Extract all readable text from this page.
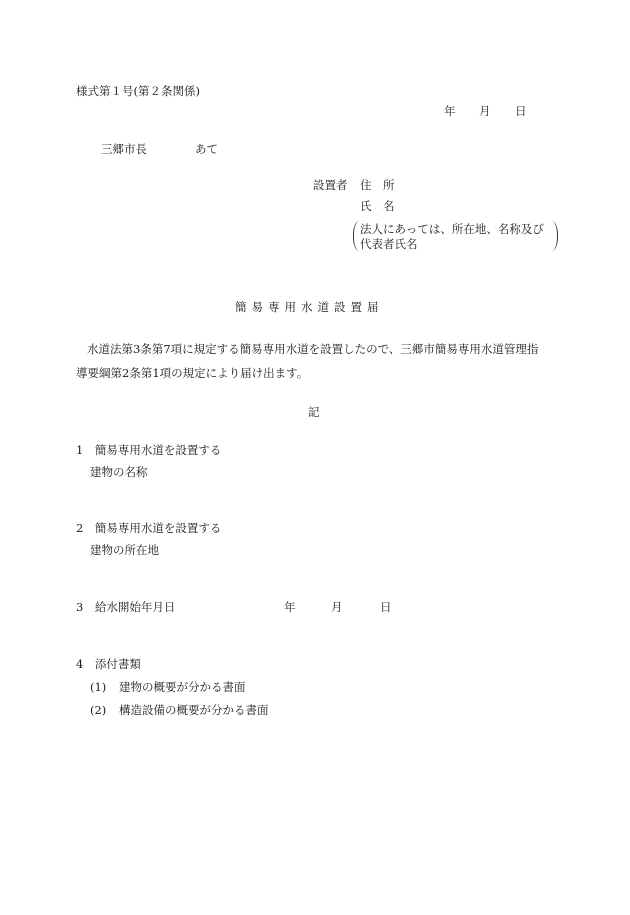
様式第１号(第２条関係)
年 月 日
三郷市長	あて
設置者 住　所
氏　名
法人にあっては、所在地、名称及び
代表者氏名
簡易専用水道設置届
水道法第3条第7項に規定する簡易専用水道を設置したので、三郷市簡易専用水道管理指
導要綱第2条第1項の規定により届け出ます。
記
1　簡易専用水道を設置する
建物の名称
2　簡易専用水道を設置する
建物の所在地
3　給水開始年月日	年	月	日
4　添付書類
(1) 建物の概要が分かる書面
(2) 構造設備の概要が分かる書面
